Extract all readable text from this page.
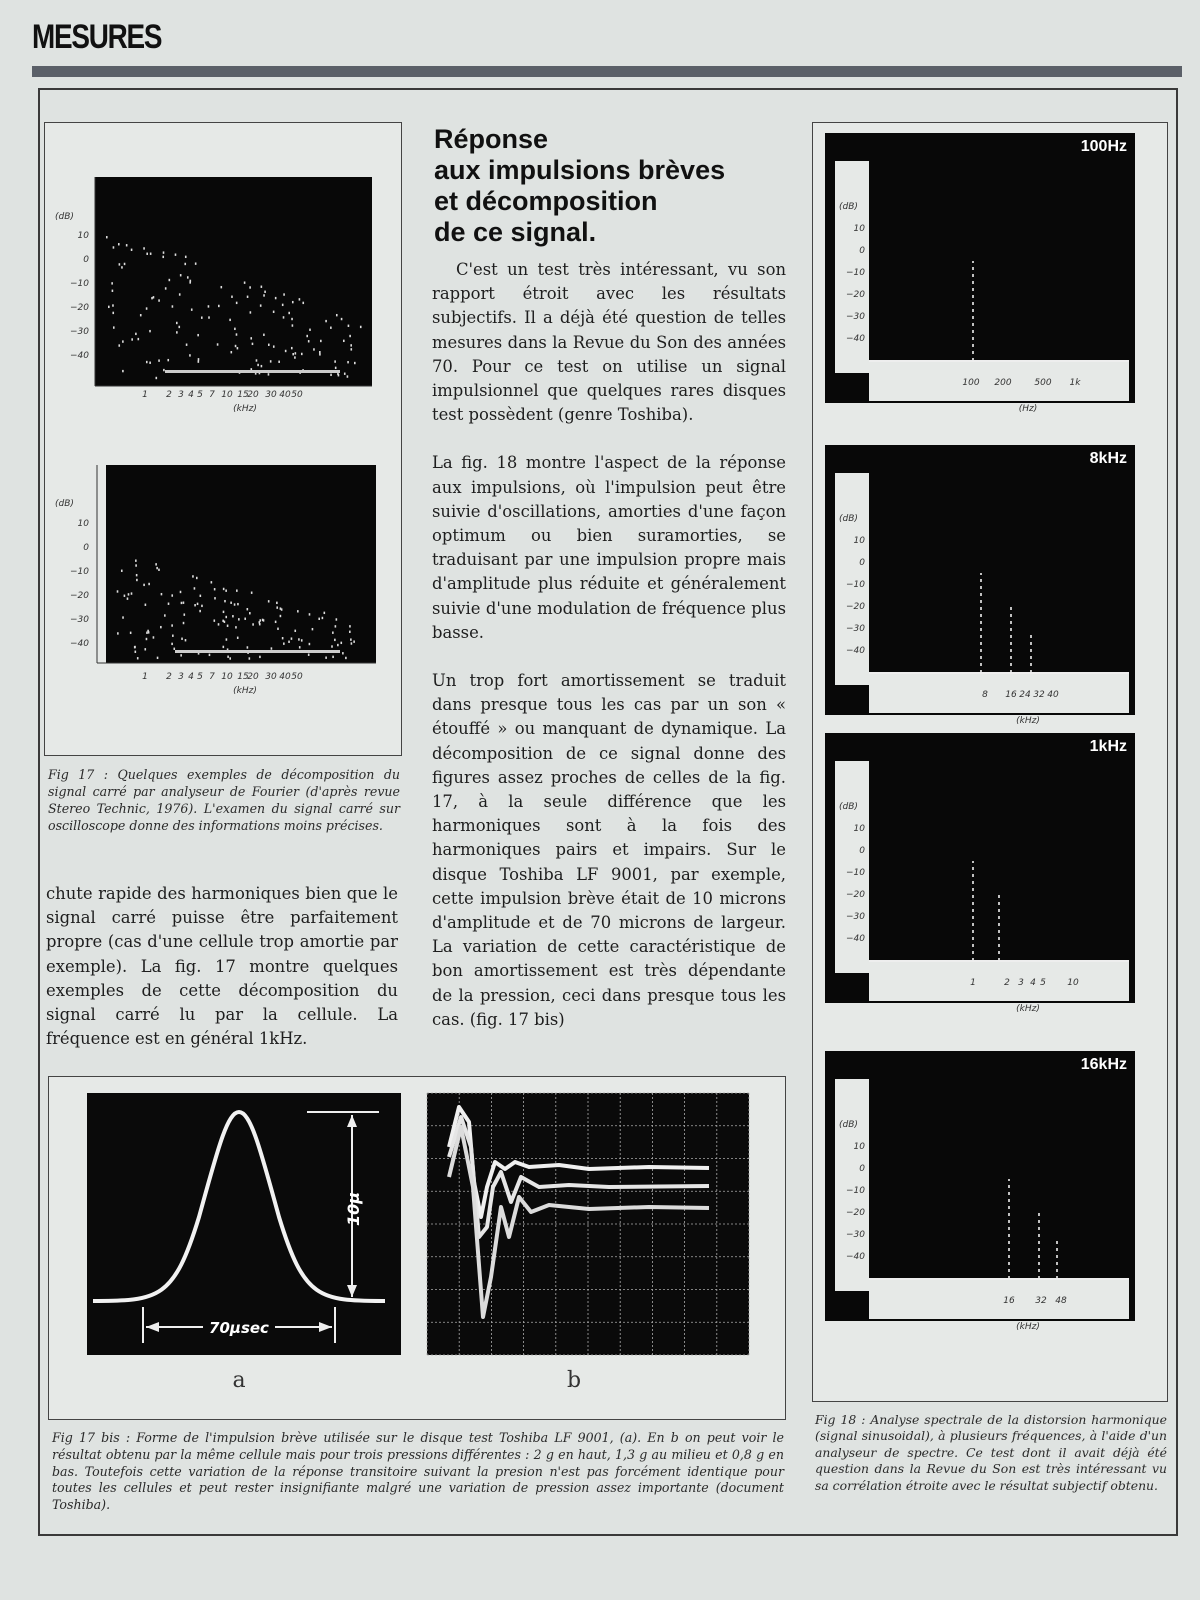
MESURES
(dB)
10
0
−10
−20
−30
−40
1 2 3 4 5 7 10 15
20 30 40 50
(kHz)
(dB)
10
0
−10
−20
−30
−40
1 2 3 4 5 7 10 15
20 30 40 50
(kHz)
Fig 17 : Quelques exemples de décomposition du signal carré par analyseur de Fourier (d'après revue Stereo Technic, 1976). L'examen du signal carré sur oscilloscope donne des informations moins précises.
chute rapide des harmoniques bien que le signal carré puisse être parfaitement propre (cas d'une cellule trop amortie par exemple). La fig. 17 montre quelques exemples de cette décomposition du signal carré lu par la cellule. La fréquence est en général 1kHz.
Réponse
aux impulsions brèves
et décomposition
de ce signal.

C'est un test très intéressant, vu son rapport étroit avec les résultats subjectifs. Il a déjà été question de telles mesures dans la Revue du Son des années 70. Pour ce test on utilise un signal impulsionnel que quelques rares disques test possèdent (genre Toshiba).

La fig. 18 montre l'aspect de la réponse aux impulsions, où l'impulsion peut être suivie d'oscillations, amorties d'une façon optimum ou bien suramorties, se traduisant par une impulsion propre mais d'amplitude plus réduite et généralement suivie d'une modulation de fréquence plus basse.

Un trop fort amortissement se traduit dans presque tous les cas par un son « étouffé » ou manquant de dynamique. La décomposition de ce signal donne des figures assez proches de celles de la fig. 17, à la seule différence que les harmoniques sont à la fois des harmoniques pairs et impairs. Sur le disque Toshiba LF 9001, par exemple, cette impulsion brève était de 10 microns d'amplitude et de 70 microns de largeur. La variation de cette caractéristique de bon amortissement est très dépendante de la pression, ceci dans presque tous les cas. (fig. 17 bis)

10μ
70μsec
a	b
Fig 17 bis : Forme de l'impulsion brève utilisée sur le disque test Toshiba LF 9001, (a). En b on peut voir le résultat obtenu par la même cellule mais pour trois pressions différentes : 2 g en haut, 1,3 g au milieu et 0,8 g en bas. Toutefois cette variation de la réponse transitoire suivant la presion n'est pas forcément identique pour toutes les cellules et peut rester insignifiante malgré une variation de pression assez importante (document Toshiba).
100Hz
(dB)
10
0
−10
−20
−30
−40
100 200	500 1k
(Hz)
8kHz
(dB)
10
0
−10
−20
−30
−40
8 16 24 32 40
(kHz)
1kHz
(dB)
10
0
−10
−20
−30
−40
1	2 3 4 5 10
(kHz)
16kHz
(dB)
10
0
−10
−20
−30
−40
16 32 48
(kHz)
Fig 18 : Analyse spectrale de la distorsion harmonique (signal sinusoidal), à plusieurs fréquences, à l'aide d'un analyseur de spectre. Ce test dont il avait déjà été question dans la Revue du Son est très intéressant vu sa corrélation étroite avec le résultat subjectif obtenu.
